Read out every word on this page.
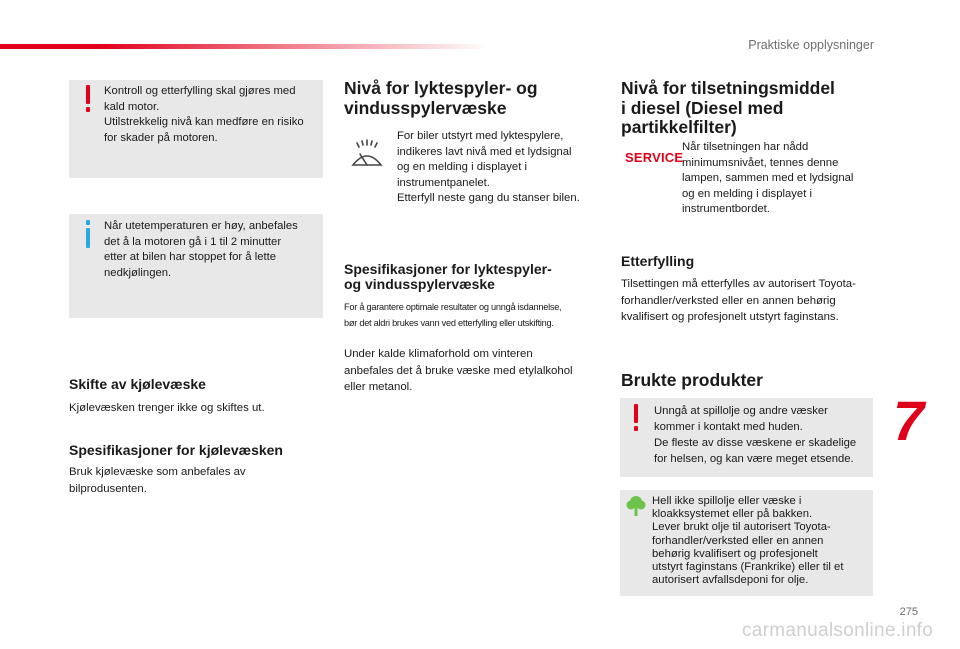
Praktiske opplysninger

Kontroll og etterfylling skal gjøres med

kald motor.

Utilstrekkelig nivå kan medføre en risiko

for skader på motoren.

Når utetemperaturen er høy, anbefales

det å la motoren gå i 1 til 2 minutter

etter at bilen har stoppet for å lette

nedkjølingen.

Skifte av kjølevæske
Kjølevæsken trenger ikke og skiftes ut.
Spesifikasjoner for kjølevæsken

Bruk kjølevæske som anbefales av

bilprodusenten.

Nivå for lyktespyler- og
vindusspylervæske

For biler utstyrt med lyktespylere,

indikeres lavt nivå med et lydsignal

og en melding i displayet i

instrumentpanelet.

Etterfyll neste gang du stanser bilen.

Spesifikasjoner for lyktespyler-
og vindusspylervæske
For å garantere optimale resultater og unngå isdannelse,
bør det aldri brukes vann ved etterfylling eller utskifting.

Under kalde klimaforhold om vinteren

anbefales det å bruke væske med etylalkohol

eller metanol.

Nivå for tilsetningsmiddel
i diesel (Diesel med
partikkelfilter)
SERVICE

Når tilsetningen har nådd

minimumsnivået, tennes denne

lampen, sammen med et lydsignal

og en melding i displayet i

instrumentbordet.

Etterfylling

Tilsettingen må etterfylles av autorisert Toyota-

forhandler/verksted eller en annen behørig

kvalifisert og profesjonelt utstyrt faginstans.

Brukte produkter

Unngå at spillolje og andre væsker

kommer i kontakt med huden.

De fleste av disse væskene er skadelige

for helsen, og kan være meget etsende.

Hell ikke spillolje eller væske i

kloakksystemet eller på bakken.

Lever brukt olje til autorisert Toyota-

forhandler/verksted eller en annen

behørig kvalifisert og profesjonelt

utstyrt faginstans (Frankrike) eller til et

autorisert avfallsdeponi for olje.

7
275
carmanualsonline.info
